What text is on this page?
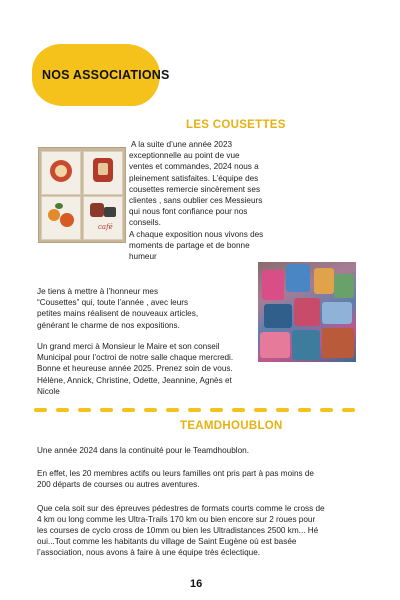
NOS ASSOCIATIONS
LES COUSETTES
café

A la suite d’une année 2023

exceptionnelle au point de vue

ventes et commandes, 2024 nous a

pleinement satisfaites. L’équipe des

cousettes remercie sincèrement ses

clientes , sans oublier ces Messieurs

qui nous font confiance pour nos

conseils.

A chaque exposition nous vivons des

moments de partage et de bonne

humeur

Je tiens à mettre à l’honneur mes

“Cousettes” qui, toute l’année , avec leurs

petites mains réalisent de nouveaux articles,

générant le charme de nos expositions.

Un grand merci à Monsieur le Maire et son conseil

Municipal pour l’octroi de notre salle chaque mercredi.

Bonne et heureuse année 2025. Prenez soin de vous.

Hélène, Annick, Christine, Odette, Jeannine, Agnès et

Nicole

TEAMDHOUBLON

Une année 2024 dans la continuité pour le Teamdhoublon.

En effet, les 20 membres actifs ou leurs familles ont pris part à pas moins de

200 départs de courses ou autres aventures.

Que cela soit sur des épreuves pédestres de formats courts comme le cross de

4 km ou long comme les Ultra-Trails 170 km ou bien encore sur 2 roues pour

les courses de cyclo cross de 10mm ou bien les Ultradistances 2500 km... Hé

oui...Tout comme les habitants du village de Saint Eugène où est basée

l’association, nous avons à faire à une équipe très éclectique.

16
